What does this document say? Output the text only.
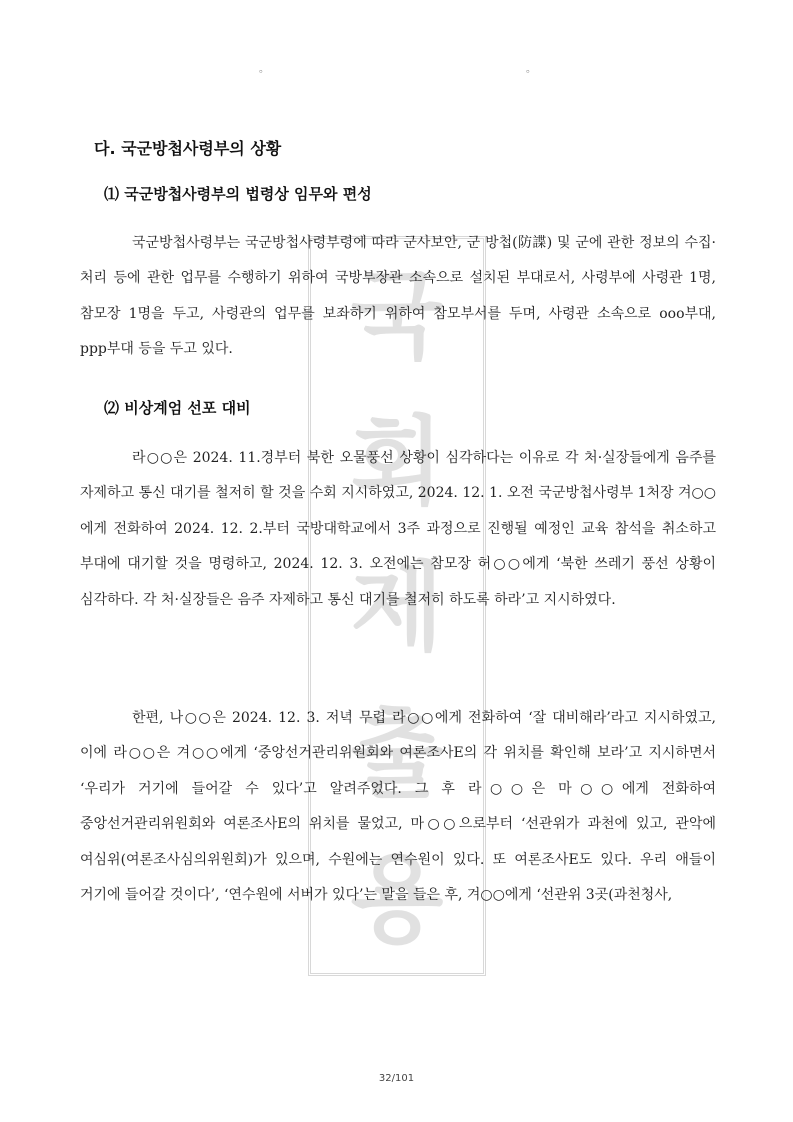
。	。
국
회
제
출
용
다. 국군방첩사령부의 상황
⑴ 국군방첩사령부의 법령상 임무와 편성

국군방첩사령부는 국군방첩사령부령에 따라 군사보안, 군 방첩(防諜) 및 군에 관한 정보의 수집·처리 등에 관한 업무를 수행하기 위하여 국방부장관 소속으로 설치된 부대로서, 사령부에 사령관 1명, 참모장 1명을 두고, 사령관의 업무를 보좌하기 위하여 참모부서를 두며, 사령관 소속으로 ooo부대, ppp부대 등을 두고 있다.

⑵ 비상계엄 선포 대비

라○○은 2024. 11.경부터 북한 오물풍선 상황이 심각하다는 이유로 각 처·실장들에게 음주를 자제하고 통신 대기를 철저히 할 것을 수회 지시하였고, 2024. 12. 1. 오전 국군방첩사령부 1처장 겨○○에게 전화하여 2024. 12. 2.부터 국방대학교에서 3주 과정으로 진행될 예정인 교육 참석을 취소하고 부대에 대기할 것을 명령하고, 2024. 12. 3. 오전에는 참모장 허○○에게 ‘북한 쓰레기 풍선 상황이 심각하다. 각 처·실장들은 음주 자제하고 통신 대기를 철저히 하도록 하라’고 지시하였다.

한편, 나○○은 2024. 12. 3. 저녁 무렵 라○○에게 전화하여 ‘잘 대비해라’라고 지시하였고, 이에 라○○은 겨○○에게 ‘중앙선거관리위원회와 여론조사E의 각 위치를 확인해 보라’고 지시하면서 ‘우리가 거기에 들어갈 수 있다’고 알려주었다. 그 후 라○○은 마○○에게 전화하여 중앙선거관리위원회와 여론조사E의 위치를 물었고, 마○○으로부터 ‘선관위가 과천에 있고, 관악에 여심위(여론조사심의위원회)가 있으며, 수원에는 연수원이 있다. 또 여론조사E도 있다. 우리 애들이 거기에 들어갈 것이다’, ‘연수원에 서버가 있다’는 말을 들은 후, 겨○○에게 ‘선관위 3곳(과천청사,

32/101
